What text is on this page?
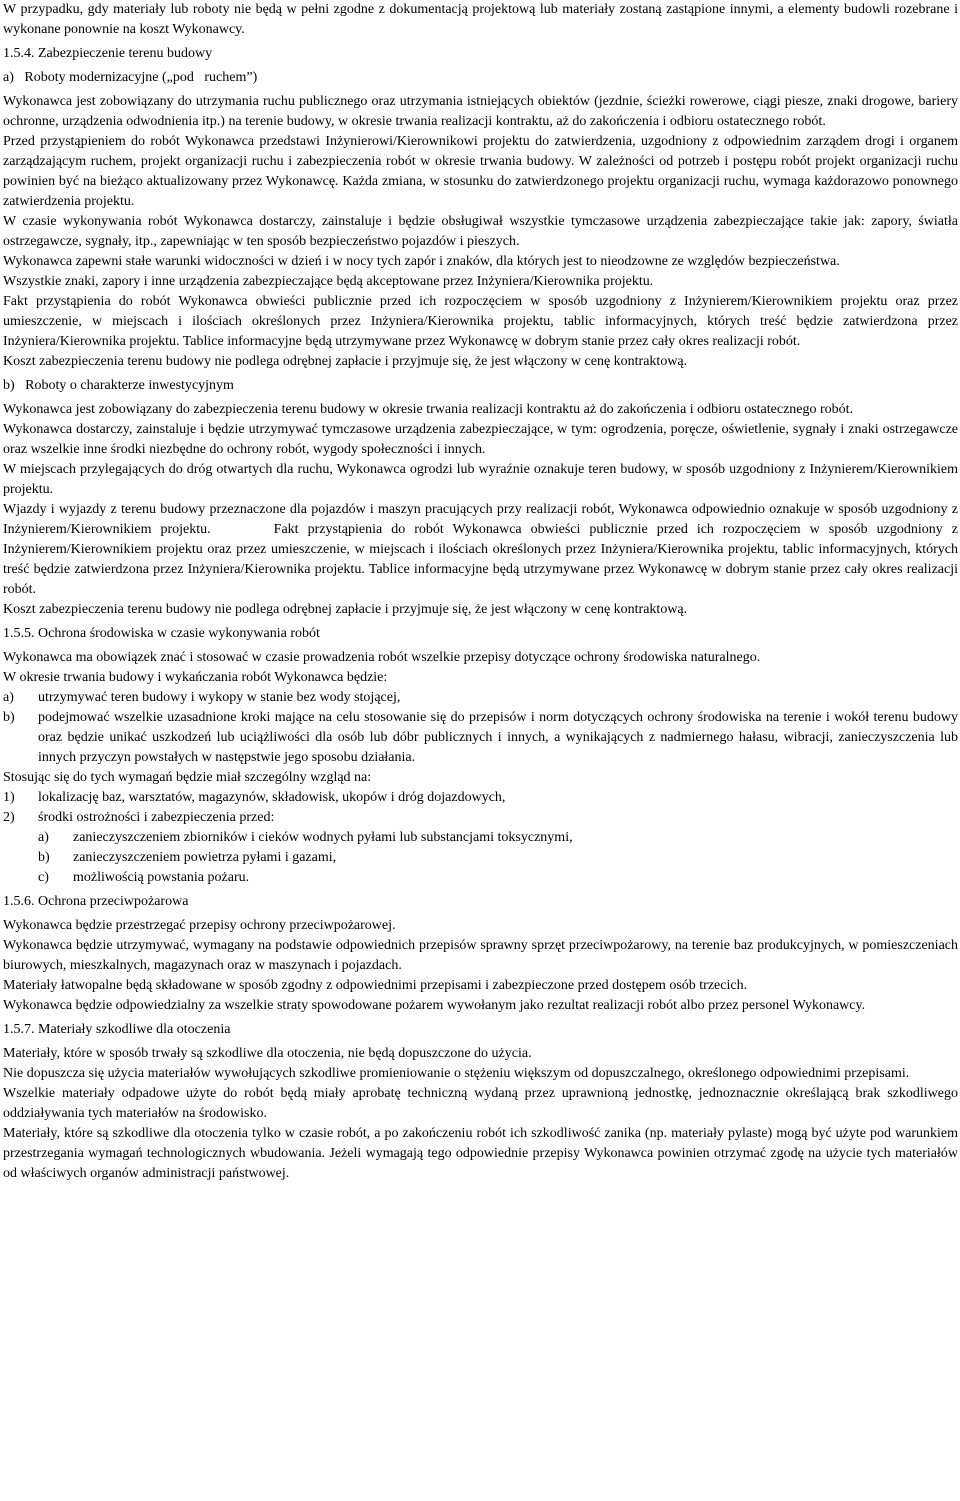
W przypadku, gdy materiały lub roboty nie będą w pełni zgodne z dokumentacją projektową lub materiały zostaną zastąpione innymi, a elementy budowli rozebrane i wykonane ponownie na koszt Wykonawcy.

1.5.4. Zabezpieczenie terenu budowy

a)   Roboty modernizacyjne („pod   ruchem”)

Wykonawca jest zobowiązany do utrzymania ruchu publicznego oraz utrzymania istniejących obiektów (jezdnie, ścieżki rowerowe, ciągi piesze, znaki drogowe, bariery ochronne, urządzenia odwodnienia itp.) na terenie budowy, w okresie trwania realizacji kontraktu, aż do zakończenia i odbioru ostatecznego robót.

Przed przystąpieniem do robót Wykonawca przedstawi Inżynierowi/Kierownikowi projektu do zatwierdzenia, uzgodniony z odpowiednim zarządem drogi i organem zarządzającym ruchem, projekt organizacji ruchu i zabezpieczenia robót w okresie trwania budowy. W zależności od potrzeb i postępu robót projekt organizacji ruchu powinien być na bieżąco aktualizowany przez Wykonawcę. Każda zmiana, w stosunku do zatwierdzonego projektu organizacji ruchu, wymaga każdorazowo ponownego zatwierdzenia projektu.

W czasie wykonywania robót Wykonawca dostarczy, zainstaluje i będzie obsługiwał wszystkie tymczasowe urządzenia zabezpieczające takie jak: zapory, światła ostrzegawcze, sygnały, itp., zapewniając w ten sposób bezpieczeństwo pojazdów i pieszych.

Wykonawca zapewni stałe warunki widoczności w dzień i w nocy tych zapór i znaków, dla których jest to nieodzowne ze względów bezpieczeństwa.

Wszystkie znaki, zapory i inne urządzenia zabezpieczające będą akceptowane przez Inżyniera/Kierownika projektu.

Fakt przystąpienia do robót Wykonawca obwieści publicznie przed ich rozpoczęciem w sposób uzgodniony z Inżynierem/Kierownikiem projektu oraz przez umieszczenie, w miejscach i ilościach określonych przez Inżyniera/Kierownika projektu, tablic informacyjnych, których treść będzie zatwierdzona przez Inżyniera/Kierownika projektu. Tablice informacyjne będą utrzymywane przez Wykonawcę w dobrym stanie przez cały okres realizacji robót.

Koszt zabezpieczenia terenu budowy nie podlega odrębnej zapłacie i przyjmuje się, że jest włączony w cenę kontraktową.

b)   Roboty o charakterze inwestycyjnym

Wykonawca jest zobowiązany do zabezpieczenia terenu budowy w okresie trwania realizacji kontraktu aż do zakończenia i odbioru ostatecznego robót.

Wykonawca dostarczy, zainstaluje i będzie utrzymywać tymczasowe urządzenia zabezpieczające, w tym: ogrodzenia, poręcze, oświetlenie, sygnały i znaki ostrzegawcze oraz wszelkie inne środki niezbędne do ochrony robót, wygody społeczności i innych.

W miejscach przylegających do dróg otwartych dla ruchu, Wykonawca ogrodzi lub wyraźnie oznakuje teren budowy, w sposób uzgodniony z Inżynierem/Kierownikiem projektu.

Wjazdy i wyjazdy z terenu budowy przeznaczone dla pojazdów i maszyn pracujących przy realizacji robót, Wykonawca odpowiednio oznakuje w sposób uzgodniony z Inżynierem/Kierownikiem projektu.       Fakt przystąpienia do robót Wykonawca obwieści publicznie przed ich rozpoczęciem w sposób uzgodniony z Inżynierem/Kierownikiem projektu oraz przez umieszczenie, w miejscach i ilościach określonych przez Inżyniera/Kierownika projektu, tablic informacyjnych, których treść będzie zatwierdzona przez Inżyniera/Kierownika projektu. Tablice informacyjne będą utrzymywane przez Wykonawcę w dobrym stanie przez cały okres realizacji robót.

Koszt zabezpieczenia terenu budowy nie podlega odrębnej zapłacie i przyjmuje się, że jest włączony w cenę kontraktową.

1.5.5. Ochrona środowiska w czasie wykonywania robót

Wykonawca ma obowiązek znać i stosować w czasie prowadzenia robót wszelkie przepisy dotyczące ochrony środowiska naturalnego.

W okresie trwania budowy i wykańczania robót Wykonawca będzie:

a)	utrzymywać teren budowy i wykopy w stanie bez wody stojącej,
b)	podejmować wszelkie uzasadnione kroki mające na celu stosowanie się do przepisów i norm dotyczących ochrony środowiska na terenie i wokół terenu budowy oraz będzie unikać uszkodzeń lub uciążliwości dla osób lub dóbr publicznych i innych, a wynikających z nadmiernego hałasu, wibracji, zanieczyszczenia lub innych przyczyn powstałych w następstwie jego sposobu działania.

Stosując się do tych wymagań będzie miał szczególny wzgląd na:

1)	lokalizację baz, warsztatów, magazynów, składowisk, ukopów i dróg dojazdowych,
2)	środki ostrożności i zabezpieczenia przed:
a)	zanieczyszczeniem zbiorników i cieków wodnych pyłami lub substancjami toksycznymi,
b)	zanieczyszczeniem powietrza pyłami i gazami,
c)	możliwością powstania pożaru.

1.5.6. Ochrona przeciwpożarowa

Wykonawca będzie przestrzegać przepisy ochrony przeciwpożarowej.

Wykonawca będzie utrzymywać, wymagany na podstawie odpowiednich przepisów sprawny sprzęt przeciwpożarowy, na terenie baz produkcyjnych, w pomieszczeniach biurowych, mieszkalnych, magazynach oraz w maszynach i pojazdach.

Materiały łatwopalne będą składowane w sposób zgodny z odpowiednimi przepisami i zabezpieczone przed dostępem osób trzecich.

Wykonawca będzie odpowiedzialny za wszelkie straty spowodowane pożarem wywołanym jako rezultat realizacji robót albo przez personel Wykonawcy.

1.5.7. Materiały szkodliwe dla otoczenia

Materiały, które w sposób trwały są szkodliwe dla otoczenia, nie będą dopuszczone do użycia.

Nie dopuszcza się użycia materiałów wywołujących szkodliwe promieniowanie o stężeniu większym od dopuszczalnego, określonego odpowiednimi przepisami.

Wszelkie materiały odpadowe użyte do robót będą miały aprobatę techniczną wydaną przez uprawnioną jednostkę, jednoznacznie określającą brak szkodliwego oddziaływania tych materiałów na środowisko.

Materiały, które są szkodliwe dla otoczenia tylko w czasie robót, a po zakończeniu robót ich szkodliwość zanika (np. materiały pylaste) mogą być użyte pod warunkiem przestrzegania wymagań technologicznych wbudowania. Jeżeli wymagają tego odpowiednie przepisy Wykonawca powinien otrzymać zgodę na użycie tych materiałów od właściwych organów administracji państwowej.
